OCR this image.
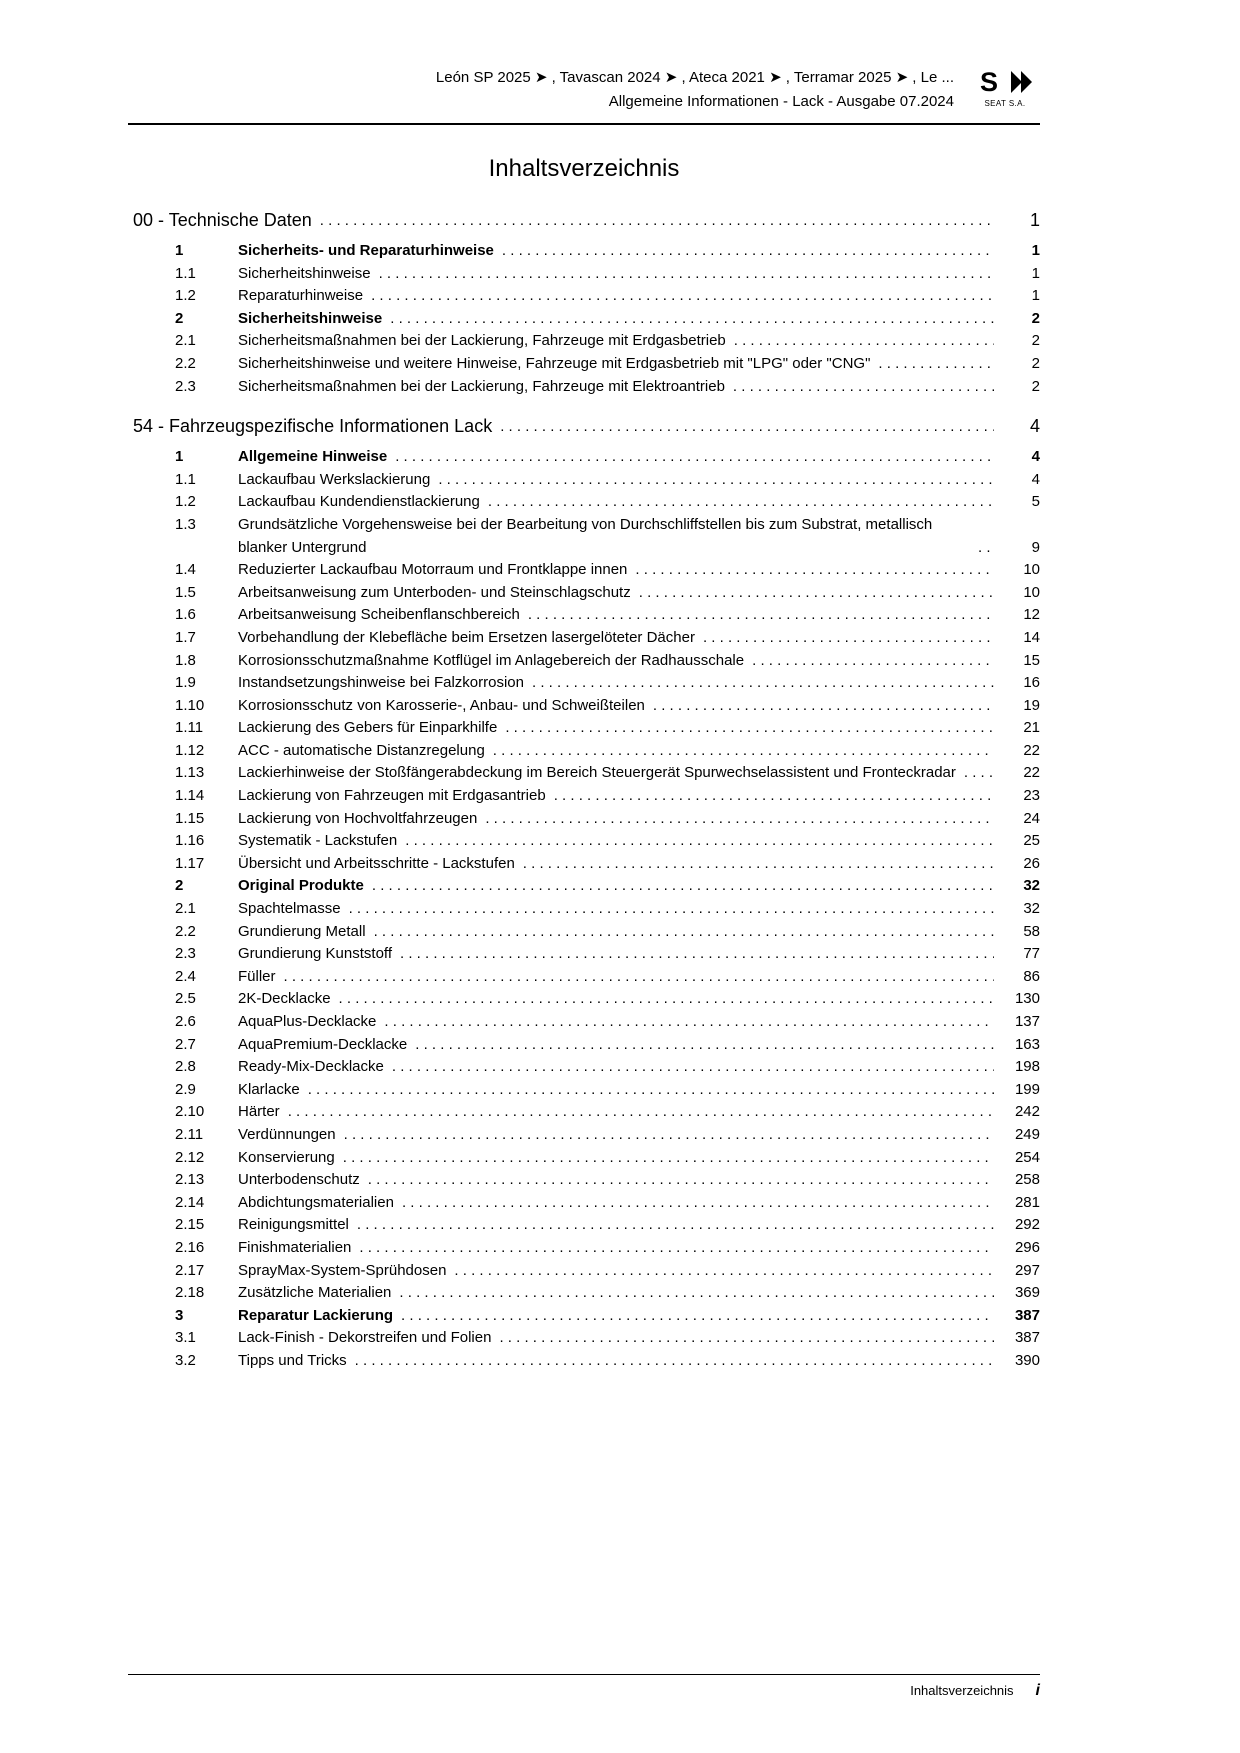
León SP 2025 ➤ , Tavascan 2024 ➤ , Ateca 2021 ➤ , Terramar 2025 ➤ , Le ...
Allgemeine Informationen - Lack - Ausgabe 07.2024
S
SEAT S.A.
Inhaltsverzeichnis
00 - Technische Daten . . .	1
1	Sicherheits- und Reparaturhinweise . . .	1
1.1	Sicherheitshinweise . . .	1
1.2	Reparaturhinweise . . .	1
2	Sicherheitshinweise . . .	2
2.1	Sicherheitsmaßnahmen bei der Lackierung, Fahrzeuge mit Erdgasbetrieb . . .	2
2.2	Sicherheitshinweise und weitere Hinweise, Fahrzeuge mit Erdgasbetrieb mit "LPG" oder "CNG" . . .	2
2.3	Sicherheitsmaßnahmen bei der Lackierung, Fahrzeuge mit Elektroantrieb . . .	2
54 - Fahrzeugspezifische Informationen Lack . . .	4
1	Allgemeine Hinweise . . .	4
1.1	Lackaufbau Werkslackierung . . .	4
1.2	Lackaufbau Kundendienstlackierung . . .	5
1.3	Grundsätzliche Vorgehensweise bei der Bearbeitung von Durchschliffstellen bis zum Substrat, metallisch blanker Untergrund . . .	9
1.4	Reduzierter Lackaufbau Motorraum und Frontklappe innen . . .	10
1.5	Arbeitsanweisung zum Unterboden- und Steinschlagschutz . . .	10
1.6	Arbeitsanweisung Scheibenflanschbereich . . .	12
1.7	Vorbehandlung der Klebefläche beim Ersetzen lasergelöteter Dächer . . .	14
1.8	Korrosionsschutzmaßnahme Kotflügel im Anlagebereich der Radhausschale . . .	15
1.9	Instandsetzungshinweise bei Falzkorrosion . . .	16
1.10	Korrosionsschutz von Karosserie-, Anbau- und Schweißteilen . . .	19
1.11	Lackierung des Gebers für Einparkhilfe . . .	21
1.12	ACC - automatische Distanzregelung . . .	22
1.13	Lackierhinweise der Stoßfängerabdeckung im Bereich Steuergerät Spurwechselassistent und Fronteckradar . . .	22
1.14	Lackierung von Fahrzeugen mit Erdgasantrieb . . .	23
1.15	Lackierung von Hochvoltfahrzeugen . . .	24
1.16	Systematik - Lackstufen . . .	25
1.17	Übersicht und Arbeitsschritte - Lackstufen . . .	26
2	Original Produkte . . .	32
2.1	Spachtelmasse . . .	32
2.2	Grundierung Metall . . .	58
2.3	Grundierung Kunststoff . . .	77
2.4	Füller . . .	86
2.5	2K-Decklacke . . .	130
2.6	AquaPlus-Decklacke . . .	137
2.7	AquaPremium-Decklacke . . .	163
2.8	Ready-Mix-Decklacke . . .	198
2.9	Klarlacke . . .	199
2.10	Härter . . .	242
2.11	Verdünnungen . . .	249
2.12	Konservierung . . .	254
2.13	Unterbodenschutz . . .	258
2.14	Abdichtungsmaterialien . . .	281
2.15	Reinigungsmittel . . .	292
2.16	Finishmaterialien . . .	296
2.17	SprayMax-System-Sprühdosen . . .	297
2.18	Zusätzliche Materialien . . .	369
3	Reparatur Lackierung . . .	387
3.1	Lack-Finish - Dekorstreifen und Folien . . .	387
3.2	Tipps und Tricks . . .	390
Inhaltsverzeichnis i
